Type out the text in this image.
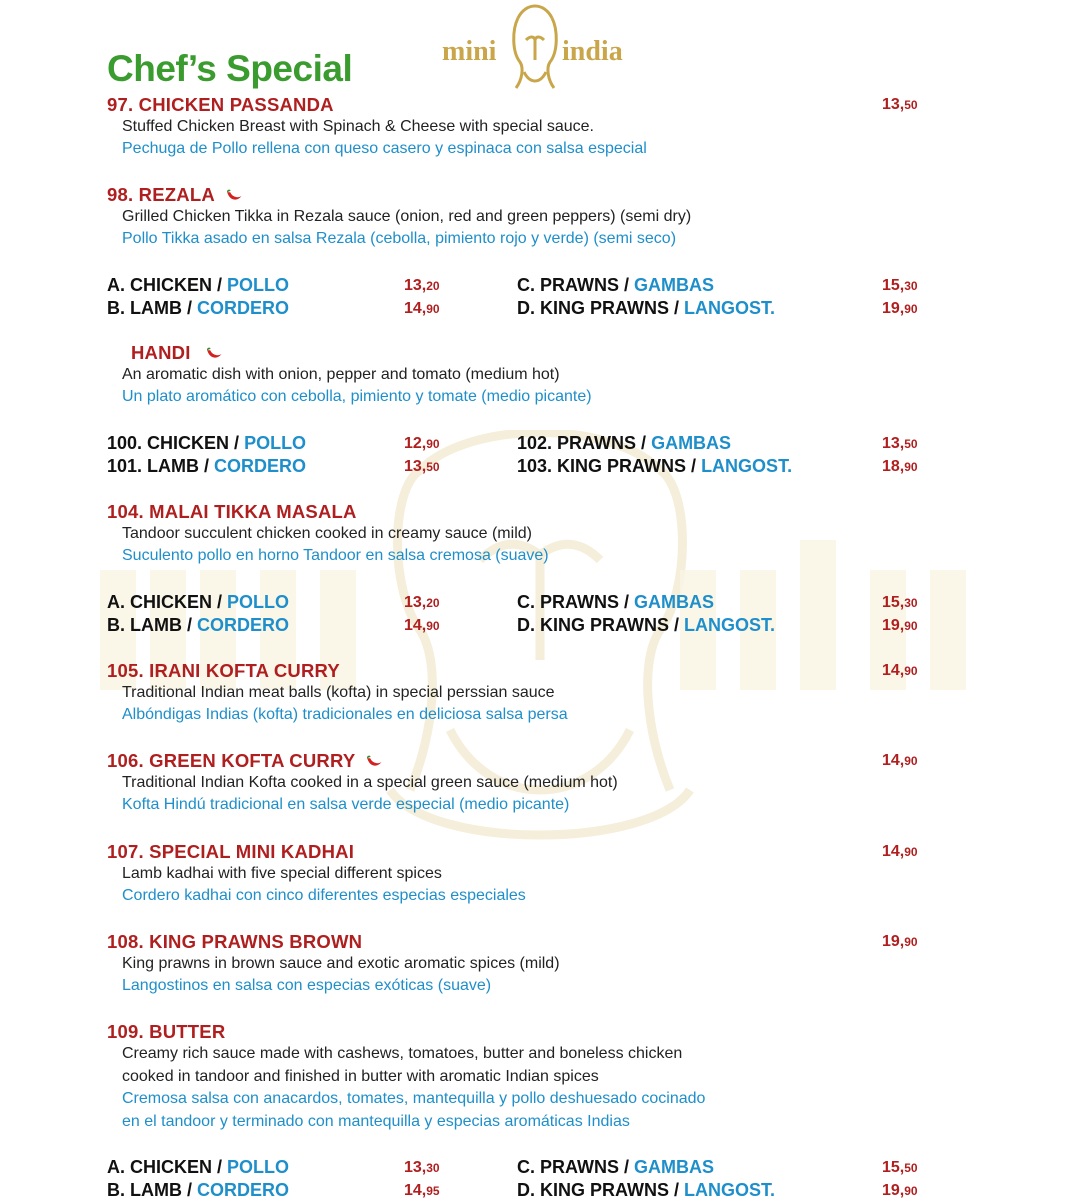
mini india
Chef’s Special
97. CHICKEN PASSANDA	13,50
Stuffed Chicken Breast with Spinach & Cheese with special sauce.
Pechuga de Pollo rellena con queso casero y espinaca con salsa especial
98. REZALA
Grilled Chicken Tikka in Rezala sauce (onion, red and green peppers) (semi dry)
Pollo Tikka asado en salsa Rezala (cebolla, pimiento rojo y verde) (semi seco)
A. CHICKEN / POLLO	13,20
B. LAMB / CORDERO	14,90
C. PRAWNS / GAMBAS	15,30
D. KING PRAWNS / LANGOST.	19,90
HANDI
An aromatic dish with onion, pepper and tomato (medium hot)
Un plato aromático con cebolla, pimiento y tomate (medio picante)
100. CHICKEN / POLLO	12,90
101. LAMB / CORDERO	13,50
102. PRAWNS / GAMBAS	13,50
103. KING PRAWNS / LANGOST.	18,90
104. MALAI TIKKA MASALA
Tandoor succulent chicken cooked in creamy sauce (mild)
Suculento pollo en horno Tandoor en salsa cremosa (suave)
A. CHICKEN / POLLO	13,20
B. LAMB / CORDERO	14,90
C. PRAWNS / GAMBAS	15,30
D. KING PRAWNS / LANGOST.	19,90
105. IRANI KOFTA CURRY	14,90
Traditional Indian meat balls (kofta) in special perssian sauce
Albóndigas Indias (kofta) tradicionales en deliciosa salsa persa
106. GREEN KOFTA CURRY	14,90
Traditional Indian Kofta cooked in a special green sauce (medium hot)
Kofta Hindú tradicional en salsa verde especial (medio picante)
107. SPECIAL MINI KADHAI	14,90
Lamb kadhai with five special different spices
Cordero kadhai con cinco diferentes especias especiales
108. KING PRAWNS BROWN	19,90
King prawns in brown sauce and exotic aromatic spices (mild)
Langostinos en salsa con especias exóticas (suave)
109. BUTTER
Creamy rich sauce made with cashews, tomatoes, butter and boneless chicken
cooked in tandoor and finished in butter with aromatic Indian spices
Cremosa salsa con anacardos, tomates, mantequilla y pollo deshuesado cocinado
en el tandoor y terminado con mantequilla y especias aromáticas Indias
A. CHICKEN / POLLO	13,30
B. LAMB / CORDERO	14,95
C. PRAWNS / GAMBAS	15,50
D. KING PRAWNS / LANGOST.	19,90
